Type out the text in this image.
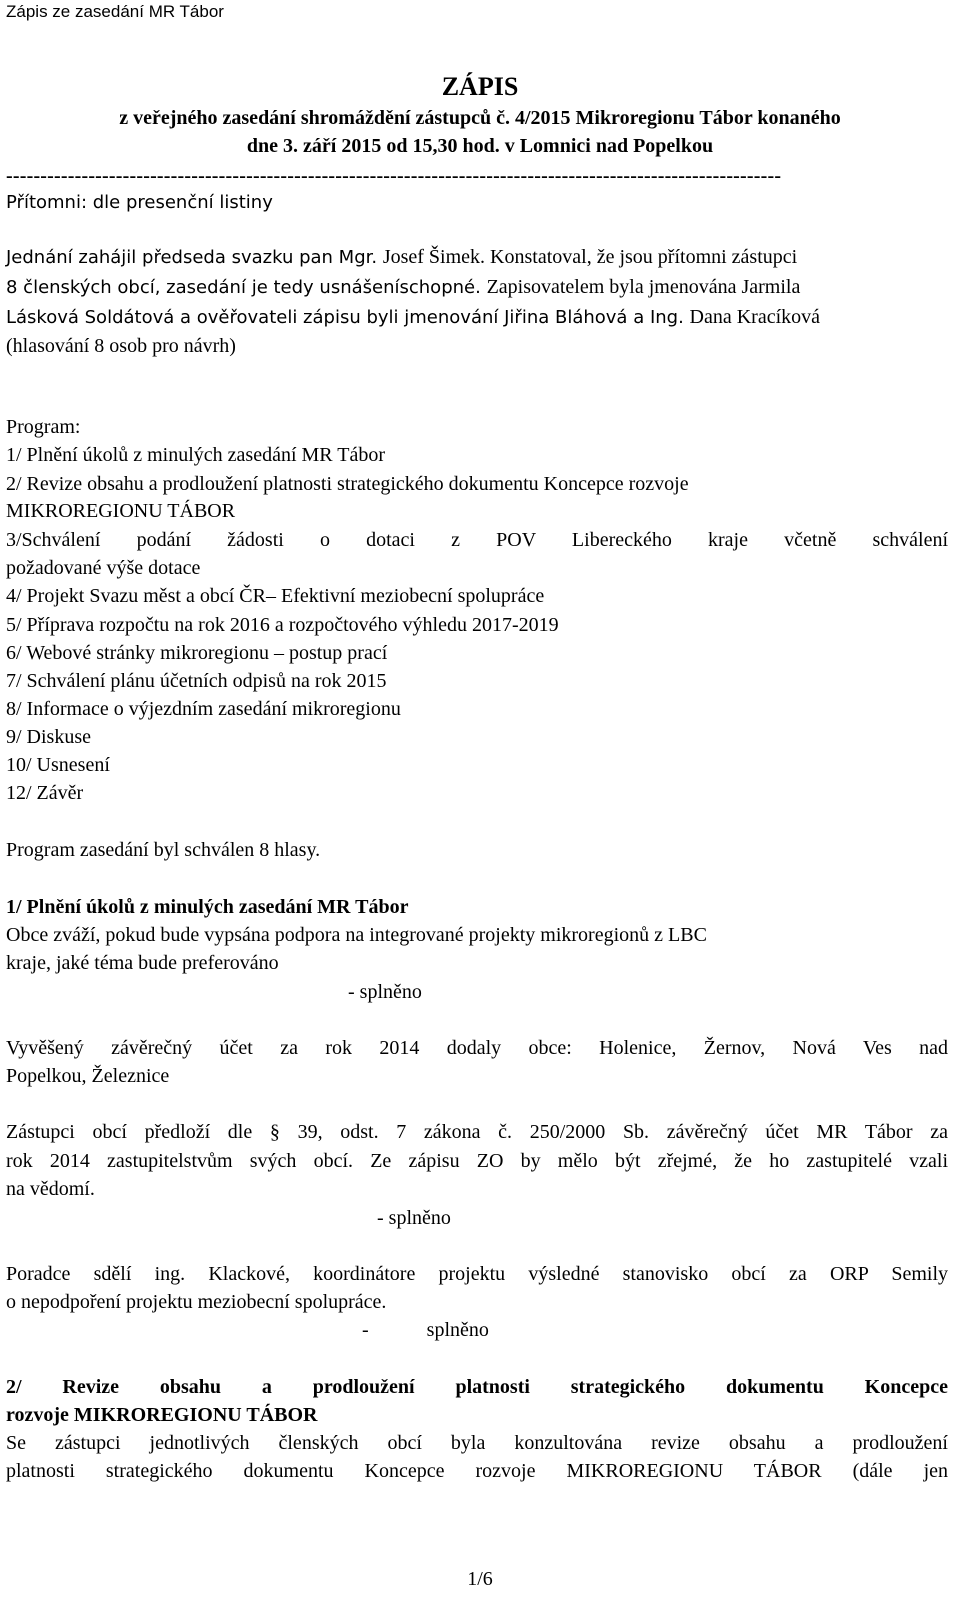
Zápis ze zasedání MR Tábor
ZÁPIS
z veřejného zasedání shromáždění zástupců č. 4/2015 Mikroregionu Tábor konaného
dne 3. září 2015 od 15,30 hod. v Lomnici nad Popelkou
-----------------------------------------------------------------------------------------------------------------
Přítomni: dle presenční listiny
Jednání zahájil předseda svazku pan Mgr. Josef Šimek. Konstatoval, že jsou přítomni zástupci
8 členských obcí, zasedání je tedy usnášeníschopné. Zapisovatelem byla jmenována Jarmila
Lásková Soldátová a ověřovateli zápisu byli jmenování Jiřina Bláhová a Ing. Dana Kracíková
(hlasování 8 osob pro návrh)
Program:
1/ Plnění úkolů z minulých zasedání MR Tábor
2/ Revize obsahu a prodloužení platnosti strategického dokumentu Koncepce rozvoje
MIKROREGIONU TÁBOR
3/Schválení podání žádosti o dotaci z POV Libereckého kraje včetně schválení
požadované výše dotace
4/ Projekt Svazu měst a obcí ČR– Efektivní meziobecní spolupráce
5/ Příprava rozpočtu na rok 2016 a rozpočtového výhledu 2017-2019
6/ Webové stránky mikroregionu – postup prací
7/ Schválení plánu účetních odpisů na rok 2015
8/ Informace o výjezdním zasedání mikroregionu
9/ Diskuse
10/ Usnesení
12/ Závěr
Program zasedání byl schválen 8 hlasy.
1/ Plnění úkolů z minulých zasedání MR Tábor
Obce zváží, pokud bude vypsána podpora na integrované projekty mikroregionů z LBC
kraje, jaké téma bude preferováno
- splněno
Vyvěšený závěrečný účet za rok 2014 dodaly obce: Holenice, Žernov, Nová Ves nad
Popelkou, Železnice
Zástupci obcí předloží dle § 39, odst. 7 zákona č. 250/2000 Sb. závěrečný účet MR Tábor za
rok 2014 zastupitelstvům svých obcí. Ze zápisu ZO by mělo být zřejmé, že ho zastupitelé vzali
na vědomí.
- splněno
Poradce sdělí ing. Klackové, koordinátore projektu výsledné stanovisko obcí za ORP Semily
o nepodpoření projektu meziobecní spolupráce.
-	splněno
2/ Revize obsahu a prodloužení platnosti strategického dokumentu Koncepce
rozvoje MIKROREGIONU TÁBOR
Se zástupci jednotlivých členských obcí byla konzultována revize obsahu a prodloužení
platnosti strategického dokumentu Koncepce rozvoje MIKROREGIONU TÁBOR (dále jen
1/6
